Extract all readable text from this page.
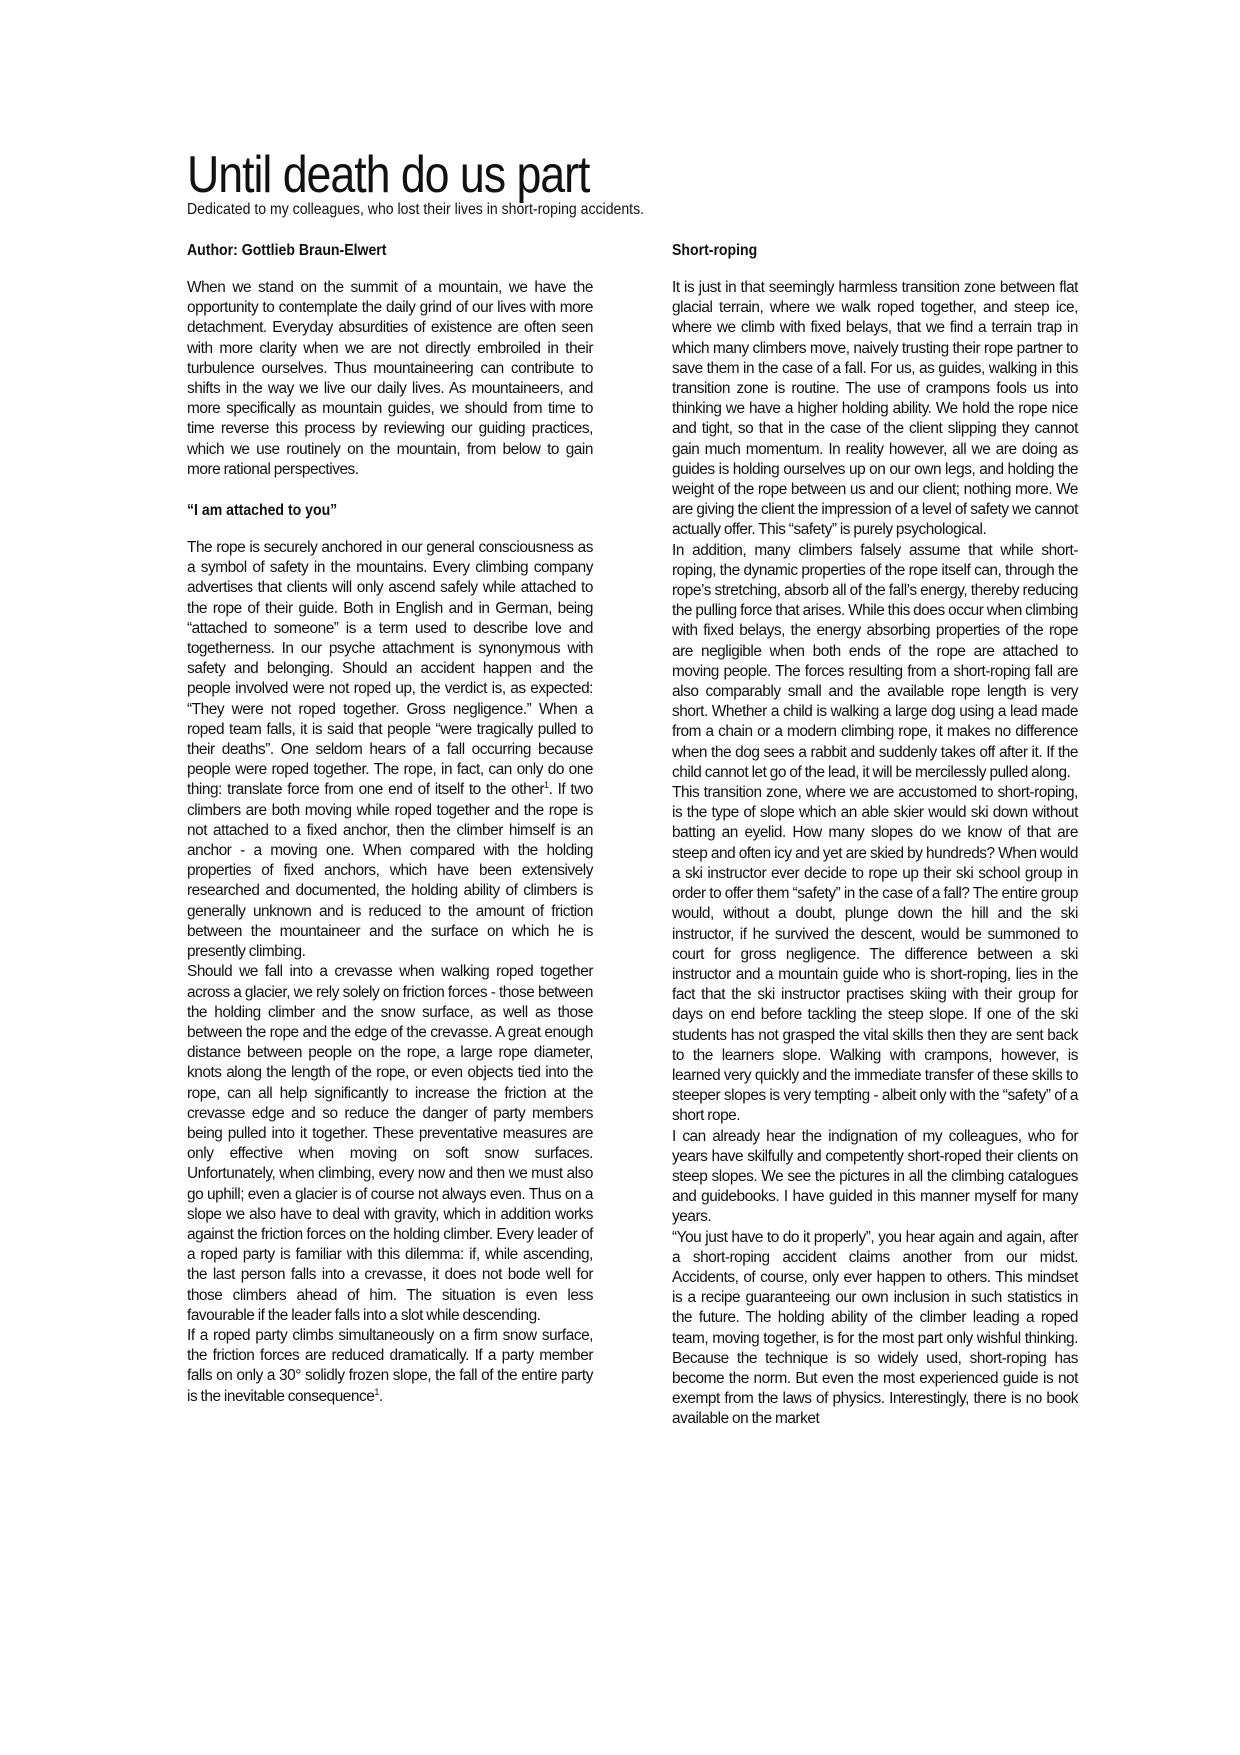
Until death do us part
Dedicated to my colleagues, who lost their lives in short-roping accidents.
Author: Gottlieb Braun-Elwert

When we stand on the summit of a mountain, we have the opportunity to contemplate the daily grind of our lives with more detachment. Everyday absurdities of existence are often seen with more clarity when we are not directly embroiled in their turbulence ourselves. Thus mountaineering can contribute to shifts in the way we live our daily lives. As mountaineers, and more specifically as mountain guides, we should from time to time reverse this process by reviewing our guiding practices, which we use routinely on the mountain, from below to gain more rational perspectives.

“I am attached to you”

The rope is securely anchored in our general consciousness as a symbol of safety in the mountains. Every climbing company advertises that clients will only ascend safely while attached to the rope of their guide. Both in English and in German, being “attached to someone” is a term used to describe love and togetherness. In our psyche attachment is synonymous with safety and belonging. Should an accident happen and the people involved were not roped up, the verdict is, as expected: “They were not roped together. Gross negligence.” When a roped team falls, it is said that people “were tragically pulled to their deaths”. One seldom hears of a fall occurring because people were roped together. The rope, in fact, can only do one thing: translate force from one end of itself to the other$^1$. If two climbers are both moving while roped together and the rope is not attached to a fixed anchor, then the climber himself is an anchor - a moving one. When compared with the holding properties of fixed anchors, which have been extensively researched and documented, the holding ability of climbers is generally unknown and is reduced to the amount of friction between the mountaineer and the surface on which he is presently climbing.

Should we fall into a crevasse when walking roped together across a glacier, we rely solely on friction forces - those between the holding climber and the snow surface, as well as those between the rope and the edge of the crevasse. A great enough distance between people on the rope, a large rope diameter, knots along the length of the rope, or even objects tied into the rope, can all help significantly to increase the friction at the crevasse edge and so reduce the danger of party members being pulled into it together. These preventative measures are only effective when moving on soft snow surfaces. Unfortunately, when climbing, every now and then we must also go uphill; even a glacier is of course not always even. Thus on a slope we also have to deal with gravity, which in addition works against the friction forces on the holding climber. Every leader of a roped party is familiar with this dilemma: if, while ascending, the last person falls into a crevasse, it does not bode well for those climbers ahead of him. The situation is even less favourable if the leader falls into a slot while descending.

If a roped party climbs simultaneously on a firm snow surface, the friction forces are reduced dramatically. If a party member falls on only a 30° solidly frozen slope, the fall of the entire party is the inevitable consequence$^1$.

Short-roping

It is just in that seemingly harmless transition zone between flat glacial terrain, where we walk roped together, and steep ice, where we climb with fixed belays, that we find a terrain trap in which many climbers move, naively trusting their rope partner to save them in the case of a fall. For us, as guides, walking in this transition zone is routine. The use of crampons fools us into thinking we have a higher holding ability. We hold the rope nice and tight, so that in the case of the client slipping they cannot gain much momentum. In reality however, all we are doing as guides is holding ourselves up on our own legs, and holding the weight of the rope between us and our client; nothing more. We are giving the client the impression of a level of safety we cannot actually offer. This “safety” is purely psychological.

In addition, many climbers falsely assume that while short-roping, the dynamic properties of the rope itself can, through the rope’s stretching, absorb all of the fall’s energy, thereby reducing the pulling force that arises. While this does occur when climbing with fixed belays, the energy absorbing properties of the rope are negligible when both ends of the rope are attached to moving people. The forces resulting from a short-roping fall are also comparably small and the available rope length is very short. Whether a child is walking a large dog using a lead made from a chain or a modern climbing rope, it makes no difference when the dog sees a rabbit and suddenly takes off after it. If the child cannot let go of the lead, it will be mercilessly pulled along.

This transition zone, where we are accustomed to short-roping, is the type of slope which an able skier would ski down without batting an eyelid. How many slopes do we know of that are steep and often icy and yet are skied by hundreds? When would a ski instructor ever decide to rope up their ski school group in order to offer them “safety” in the case of a fall? The entire group would, without a doubt, plunge down the hill and the ski instructor, if he survived the descent, would be summoned to court for gross negligence. The difference between a ski instructor and a mountain guide who is short-roping, lies in the fact that the ski instructor practises skiing with their group for days on end before tackling the steep slope. If one of the ski students has not grasped the vital skills then they are sent back to the learners slope. Walking with crampons, however, is learned very quickly and the immediate transfer of these skills to steeper slopes is very tempting - albeit only with the “safety” of a short rope.

I can already hear the indignation of my colleagues, who for years have skilfully and competently short-roped their clients on steep slopes. We see the pictures in all the climbing catalogues and guidebooks. I have guided in this manner myself for many years.

“You just have to do it properly”, you hear again and again, after a short-roping accident claims another from our midst. Accidents, of course, only ever happen to others. This mindset is a recipe guaranteeing our own inclusion in such statistics in the future. The holding ability of the climber leading a roped team, moving together, is for the most part only wishful thinking. Because the technique is so widely used, short-roping has become the norm. But even the most experienced guide is not exempt from the laws of physics. Interestingly, there is no book available on the market
